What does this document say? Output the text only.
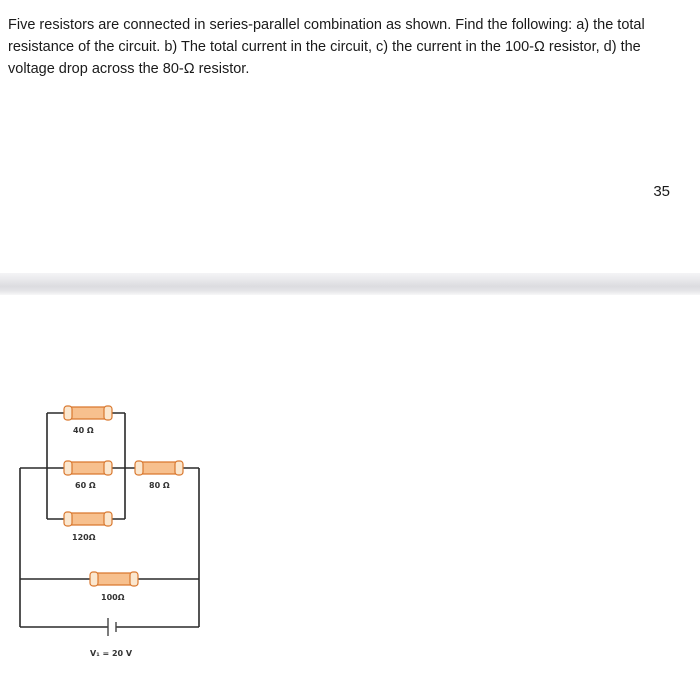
Five resistors are connected in series-parallel combination as shown. Find the following: a) the total resistance of the circuit. b) The total current in the circuit, c) the current in the 100-Ω resistor, d) the voltage drop across the 80-Ω resistor.

35
40 Ω
60 Ω
120Ω
80 Ω
100Ω
V₁ = 20 V
